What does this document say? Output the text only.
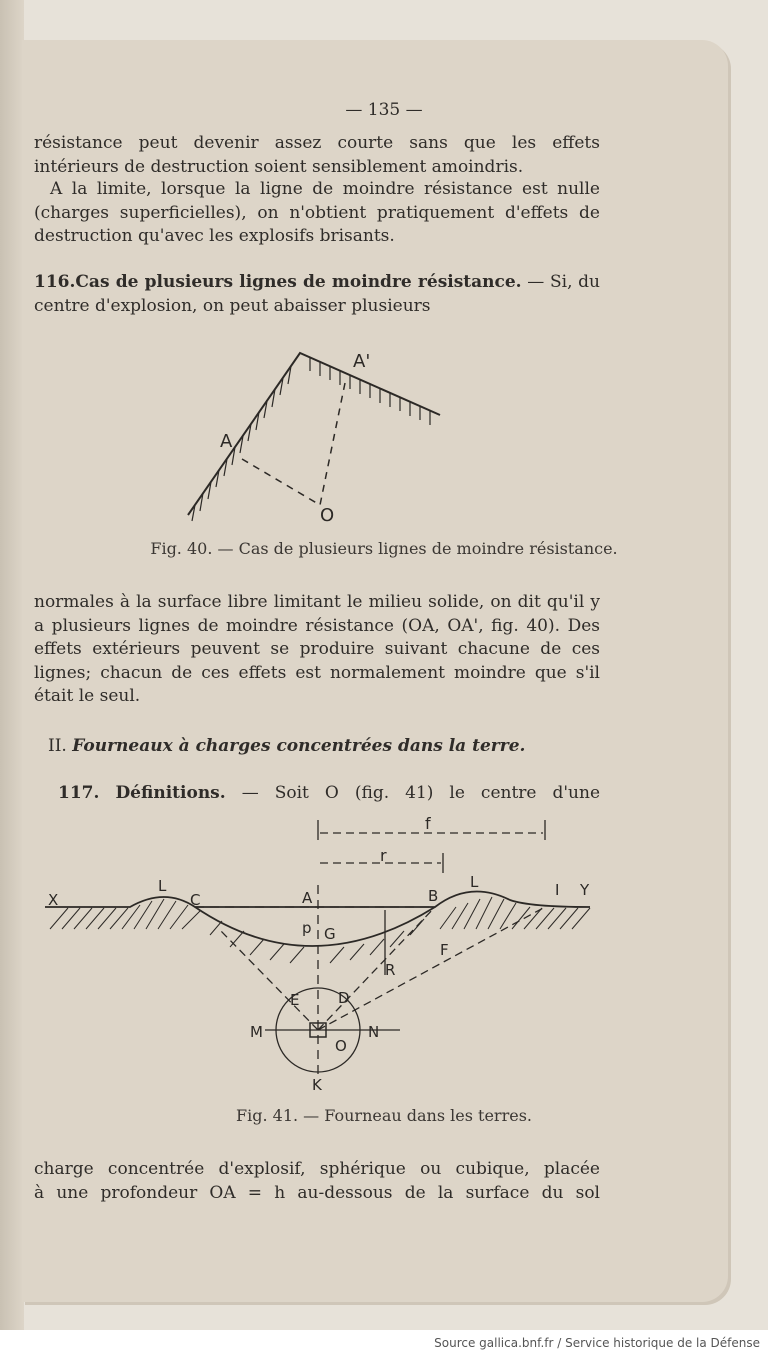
— 135 —

résistance peut devenir assez courte sans que les effets
intérieurs de destruction soient sensiblement amoindris.

A la limite, lorsque la ligne de moindre résistance est nulle (charges superficielles), on n'obtient pratiquement d'effets de destruction qu'avec les explosifs brisants.

116.Cas de plusieurs lignes de moindre résistance. — Si, du centre d'explosion, on peut abaisser plusieurs

A
A'
O
Fig. 40. — Cas de plusieurs lignes de moindre résistance.

normales à la surface libre limitant le milieu solide, on dit qu'il y a plusieurs lignes de moindre résistance (OA, OA', fig. 40). Des effets extérieurs peuvent se produire suivant chacune de ces lignes; chacun de ces effets est normalement moindre que s'il était le seul.

II. Fourneaux à charges concentrées dans la terre.

117. Définitions. — Soit O (fig. 41) le centre d'une

f
r
X
L
C	A	B
L	I Y
p G
F
R
E	D
M	N
O
K
Fig. 41. — Fourneau dans les terres.

charge concentrée d'explosif, sphérique ou cubique, placée
à une profondeur OA = h au-dessous de la surface du sol

Source gallica.bnf.fr / Service historique de la Défense
